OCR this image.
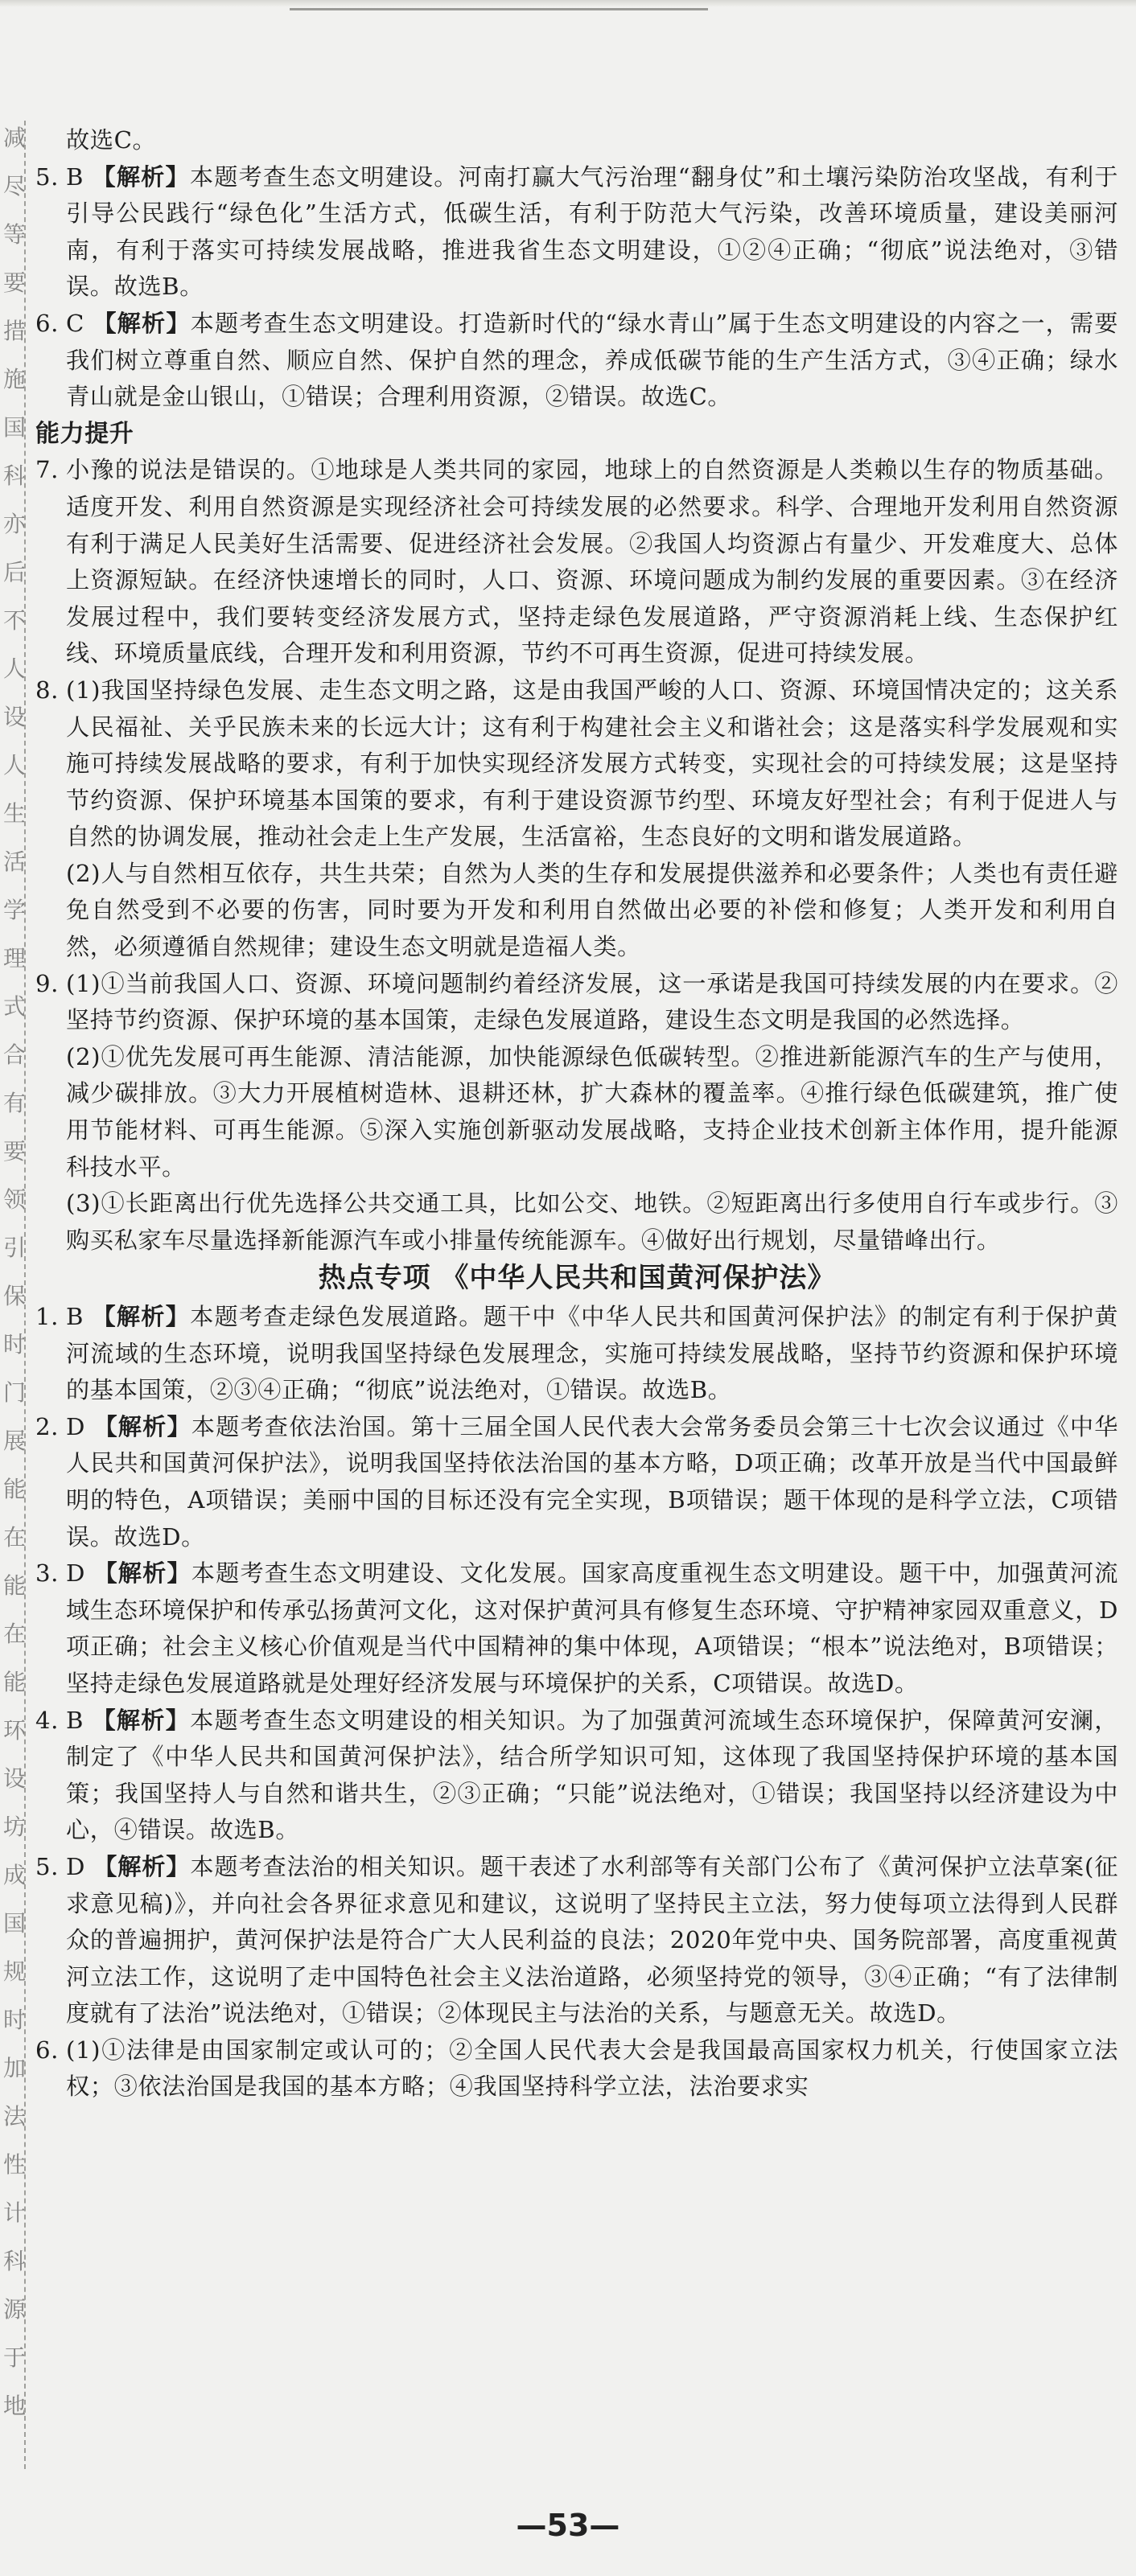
减
尽
等
要
措
施
国
科
亦
后
不
人
设
人
生
活
学
理
式
合
有
要
领
引
保
时
门
展
能
在
能
在
能
环
设
坊
成
国
规
时
加
法
性
计
科
源
于
地
故选C。
5. B 【解析】本题考查生态文明建设。河南打赢大气污治理“翻身仗”和土壤污染防治攻坚战，有利于引导公民践行“绿色化”生活方式，低碳生活，有利于防范大气污染，改善环境质量，建设美丽河南，有利于落实可持续发展战略，推进我省生态文明建设，①②④正确；“彻底”说法绝对，③错误。故选B。
6. C 【解析】本题考查生态文明建设。打造新时代的“绿水青山”属于生态文明建设的内容之一，需要我们树立尊重自然、顺应自然、保护自然的理念，养成低碳节能的生产生活方式，③④正确；绿水青山就是金山银山，①错误；合理利用资源，②错误。故选C。
能力提升
7. 小豫的说法是错误的。①地球是人类共同的家园，地球上的自然资源是人类赖以生存的物质基础。适度开发、利用自然资源是实现经济社会可持续发展的必然要求。科学、合理地开发利用自然资源有利于满足人民美好生活需要、促进经济社会发展。②我国人均资源占有量少、开发难度大、总体上资源短缺。在经济快速增长的同时，人口、资源、环境问题成为制约发展的重要因素。③在经济发展过程中，我们要转变经济发展方式，坚持走绿色发展道路，严守资源消耗上线、生态保护红线、环境质量底线，合理开发和利用资源，节约不可再生资源，促进可持续发展。
8. (1)我国坚持绿色发展、走生态文明之路，这是由我国严峻的人口、资源、环境国情决定的；这关系人民福祉、关乎民族未来的长远大计；这有利于构建社会主义和谐社会；这是落实科学发展观和实施可持续发展战略的要求，有利于加快实现经济发展方式转变，实现社会的可持续发展；这是坚持节约资源、保护环境基本国策的要求，有利于建设资源节约型、环境友好型社会；有利于促进人与自然的协调发展，推动社会走上生产发展，生活富裕，生态良好的文明和谐发展道路。

(2)人与自然相互依存，共生共荣；自然为人类的生存和发展提供滋养和必要条件；人类也有责任避免自然受到不必要的伤害，同时要为开发和利用自然做出必要的补偿和修复；人类开发和利用自然，必须遵循自然规律；建设生态文明就是造福人类。

9. (1)①当前我国人口、资源、环境问题制约着经济发展，这一承诺是我国可持续发展的内在要求。②坚持节约资源、保护环境的基本国策，走绿色发展道路，建设生态文明是我国的必然选择。

(2)①优先发展可再生能源、清洁能源，加快能源绿色低碳转型。②推进新能源汽车的生产与使用，减少碳排放。③大力开展植树造林、退耕还林，扩大森林的覆盖率。④推行绿色低碳建筑，推广使用节能材料、可再生能源。⑤深入实施创新驱动发展战略，支持企业技术创新主体作用，提升能源科技水平。

(3)①长距离出行优先选择公共交通工具，比如公交、地铁。②短距离出行多使用自行车或步行。③购买私家车尽量选择新能源汽车或小排量传统能源车。④做好出行规划，尽量错峰出行。

热点专项 《中华人民共和国黄河保护法》
1. B 【解析】本题考查走绿色发展道路。题干中《中华人民共和国黄河保护法》的制定有利于保护黄河流域的生态环境，说明我国坚持绿色发展理念，实施可持续发展战略，坚持节约资源和保护环境的基本国策，②③④正确；“彻底”说法绝对，①错误。故选B。
2. D 【解析】本题考查依法治国。第十三届全国人民代表大会常务委员会第三十七次会议通过《中华人民共和国黄河保护法》，说明我国坚持依法治国的基本方略，D项正确；改革开放是当代中国最鲜明的特色，A项错误；美丽中国的目标还没有完全实现，B项错误；题干体现的是科学立法，C项错误。故选D。
3. D 【解析】本题考查生态文明建设、文化发展。国家高度重视生态文明建设。题干中，加强黄河流域生态环境保护和传承弘扬黄河文化，这对保护黄河具有修复生态环境、守护精神家园双重意义，D项正确；社会主义核心价值观是当代中国精神的集中体现，A项错误；“根本”说法绝对，B项错误；坚持走绿色发展道路就是处理好经济发展与环境保护的关系，C项错误。故选D。
4. B 【解析】本题考查生态文明建设的相关知识。为了加强黄河流域生态环境保护，保障黄河安澜，制定了《中华人民共和国黄河保护法》，结合所学知识可知，这体现了我国坚持保护环境的基本国策；我国坚持人与自然和谐共生，②③正确；“只能”说法绝对，①错误；我国坚持以经济建设为中心，④错误。故选B。
5. D 【解析】本题考查法治的相关知识。题干表述了水利部等有关部门公布了《黄河保护立法草案(征求意见稿)》，并向社会各界征求意见和建议，这说明了坚持民主立法，努力使每项立法得到人民群众的普遍拥护，黄河保护法是符合广大人民利益的良法；2020年党中央、国务院部署，高度重视黄河立法工作，这说明了走中国特色社会主义法治道路，必须坚持党的领导，③④正确；“有了法律制度就有了法治”说法绝对，①错误；②体现民主与法治的关系，与题意无关。故选D。
6. (1)①法律是由国家制定或认可的；②全国人民代表大会是我国最高国家权力机关，行使国家立法权；③依法治国是我国的基本方略；④我国坚持科学立法，法治要求实
—53—
